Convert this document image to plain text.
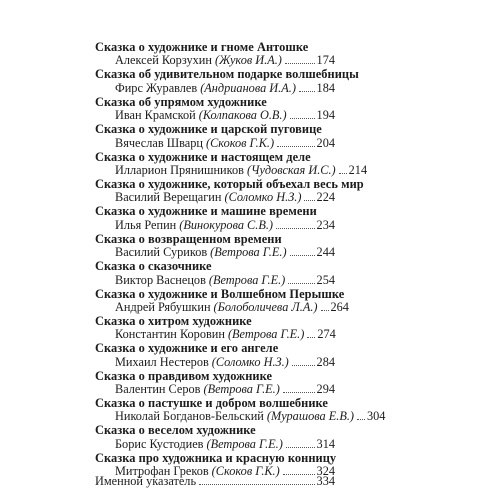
Сказка о художнике и гноме Антошке
Алексей Корзухин (Жуков И.А.)	174
Сказка об удивительном подарке волшебницы
Фирс Журавлев (Андрианова И.А.) 184
Сказка об упрямом художнике
Иван Крамской (Колпакова О.В.) 194
Сказка о художнике и царской пуговице
Вячеслав Шварц (Скоков Г.К.)	204
Сказка о художнике и настоящем деле
Илларион Прянишников (Чудовская И.С.) 214
Сказка о художнике, который объехал весь мир
Василий Верещагин (Соломко Н.З.) 224
Сказка о художнике и машине времени
Илья Репин (Винокурова С.В.)	234
Сказка о возвращенном времени
Василий Суриков (Ветрова Г.Е.) 244
Сказка о сказочнике
Виктор Васнецов (Ветрова Г.Е.)	254
Сказка о художнике и Волшебном Перышке
Андрей Рябушкин (Болоболичева Л.А.) 264
Сказка о хитром художнике
Константин Коровин (Ветрова Г.Е.) 274
Сказка о художнике и его ангеле
Михаил Нестеров (Соломко Н.З.) 284
Сказка о правдивом художнике
Валентин Серов (Ветрова Г.Е.)	294
Сказка о пастушке и добром волшебнике
Николай Богданов-Бельский (Мурашова Е.В.) 304
Сказка о веселом художнике
Борис Кустодиев (Ветрова Г.Е.)	314
Сказка про художника и красную конницу
Митрофан Греков (Скоков Г.К.)	324
Именной указатель	334
